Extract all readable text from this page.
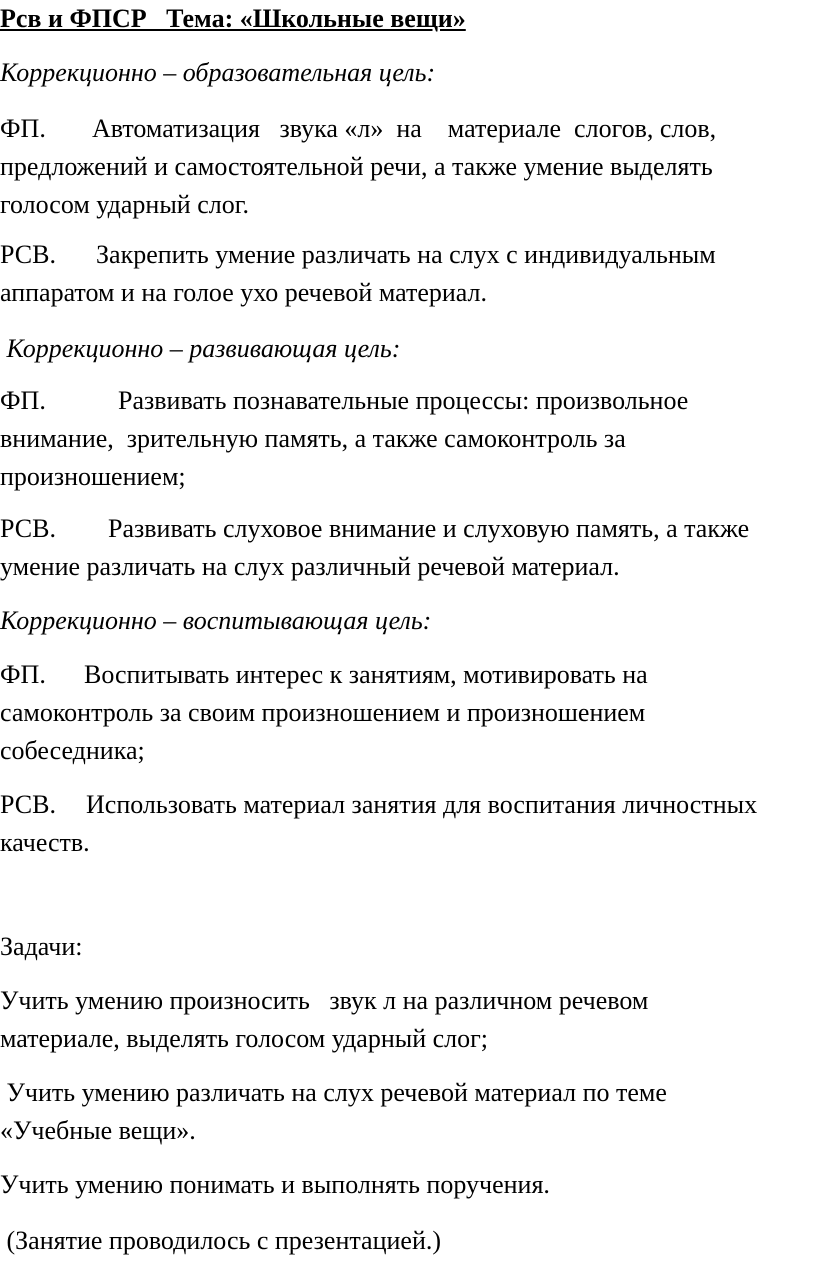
Рсв и ФПСР   Тема: «Школьные вещи»
Коррекционно – образовательная цель:
ФП. Автоматизация   звука «л»  на    материале  слогов, слов,
предложений и самостоятельной речи, а также умение выделять
голосом ударный слог.
РСВ. Закрепить умение различать на слух с индивидуальным
аппаратом и на голое ухо речевой материал.
Коррекционно – развивающая цель:
ФП.	Развивать познавательные процессы: произвольное
внимание,  зрительную память, а также самоконтроль за
произношением;
РСВ. Развивать слуховое внимание и слуховую память, а также
умение различать на слух различный речевой материал.
Коррекционно – воспитывающая цель:
ФП. Воспитывать интерес к занятиям, мотивировать на
самоконтроль за своим произношением и произношением
собеседника;
РСВ. Использовать материал занятия для воспитания личностных
качеств.
Задачи:
Учить умению произносить   звук л на различном речевом
материале, выделять голосом ударный слог;
Учить умению различать на слух речевой материал по теме
«Учебные вещи».
Учить умению понимать и выполнять поручения.
(Занятие проводилось с презентацией.)
